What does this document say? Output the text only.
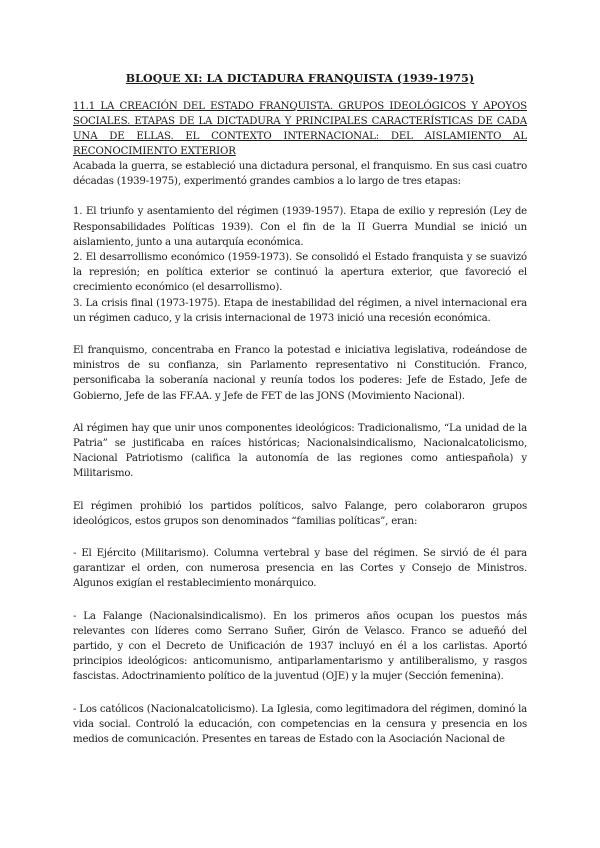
BLOQUE XI: LA DICTADURA FRANQUISTA (1939-1975)
11.1 LA CREACIÓN DEL ESTADO FRANQUISTA. GRUPOS IDEOLÓGICOS Y APOYOS SOCIALES. ETAPAS DE LA DICTADURA Y PRINCIPALES CARACTERÍSTICAS DE CADA UNA DE ELLAS. EL CONTEXTO INTERNACIONAL: DEL AISLAMIENTO AL RECONOCIMIENTO EXTERIOR

Acabada la guerra, se estableció una dictadura personal, el franquismo. En sus casi cuatro décadas (1939-1975), experimentó grandes cambios a lo largo de tres etapas:

1. El triunfo y asentamiento del régimen (1939-1957). Etapa de exilio y represión (Ley de Responsabilidades Políticas 1939). Con el fin de la II Guerra Mundial se inició un aislamiento, junto a una autarquía económica.

2. El desarrollismo económico (1959-1973). Se consolidó el Estado franquista y se suavizó la represión; en política exterior se continuó la apertura exterior, que favoreció el crecimiento económico (el desarrollismo).

3. La crisis final (1973-1975). Etapa de inestabilidad del régimen, a nivel internacional era un régimen caduco, y la crisis internacional de 1973 inició una recesión económica.

El franquismo, concentraba en Franco la potestad e iniciativa legislativa, rodeándose de ministros de su confianza, sin Parlamento representativo ni Constitución. Franco, personificaba la soberanía nacional y reunía todos los poderes: Jefe de Estado, Jefe de Gobierno, Jefe de las FF.AA. y Jefe de FET de las JONS (Movimiento Nacional).

Al régimen hay que unir unos componentes ideológicos: Tradicionalismo, “La unidad de la Patria” se justificaba en raíces históricas; Nacionalsindicalismo, Nacionalcatolicismo, Nacional Patriotismo (califica la autonomía de las regiones como antiespañola) y Militarismo.

El régimen prohibió los partidos políticos, salvo Falange, pero colaboraron grupos ideológicos, estos grupos son denominados “familias políticas”, eran:

- El Ejército (Militarismo). Columna vertebral y base del régimen. Se sirvió de él para garantizar el orden, con numerosa presencia en las Cortes y Consejo de Ministros. Algunos exigían el restablecimiento monárquico.

- La Falange (Nacionalsindicalismo). En los primeros años ocupan los puestos más relevantes con líderes como Serrano Suñer, Girón de Velasco. Franco se adueñó del partido, y con el Decreto de Unificación de 1937 incluyó en él a los carlistas. Aportó principios ideológicos: anticomunismo, antiparlamentarismo y antiliberalismo, y rasgos fascistas. Adoctrinamiento político de la juventud (OJE) y la mujer (Sección femenina).

- Los católicos (Nacionalcatolicismo). La Iglesia, como legitimadora del régimen, dominó la vida social. Controló la educación, con competencias en la censura y presencia en los medios de comunicación. Presentes en tareas de Estado con la Asociación Nacional de
